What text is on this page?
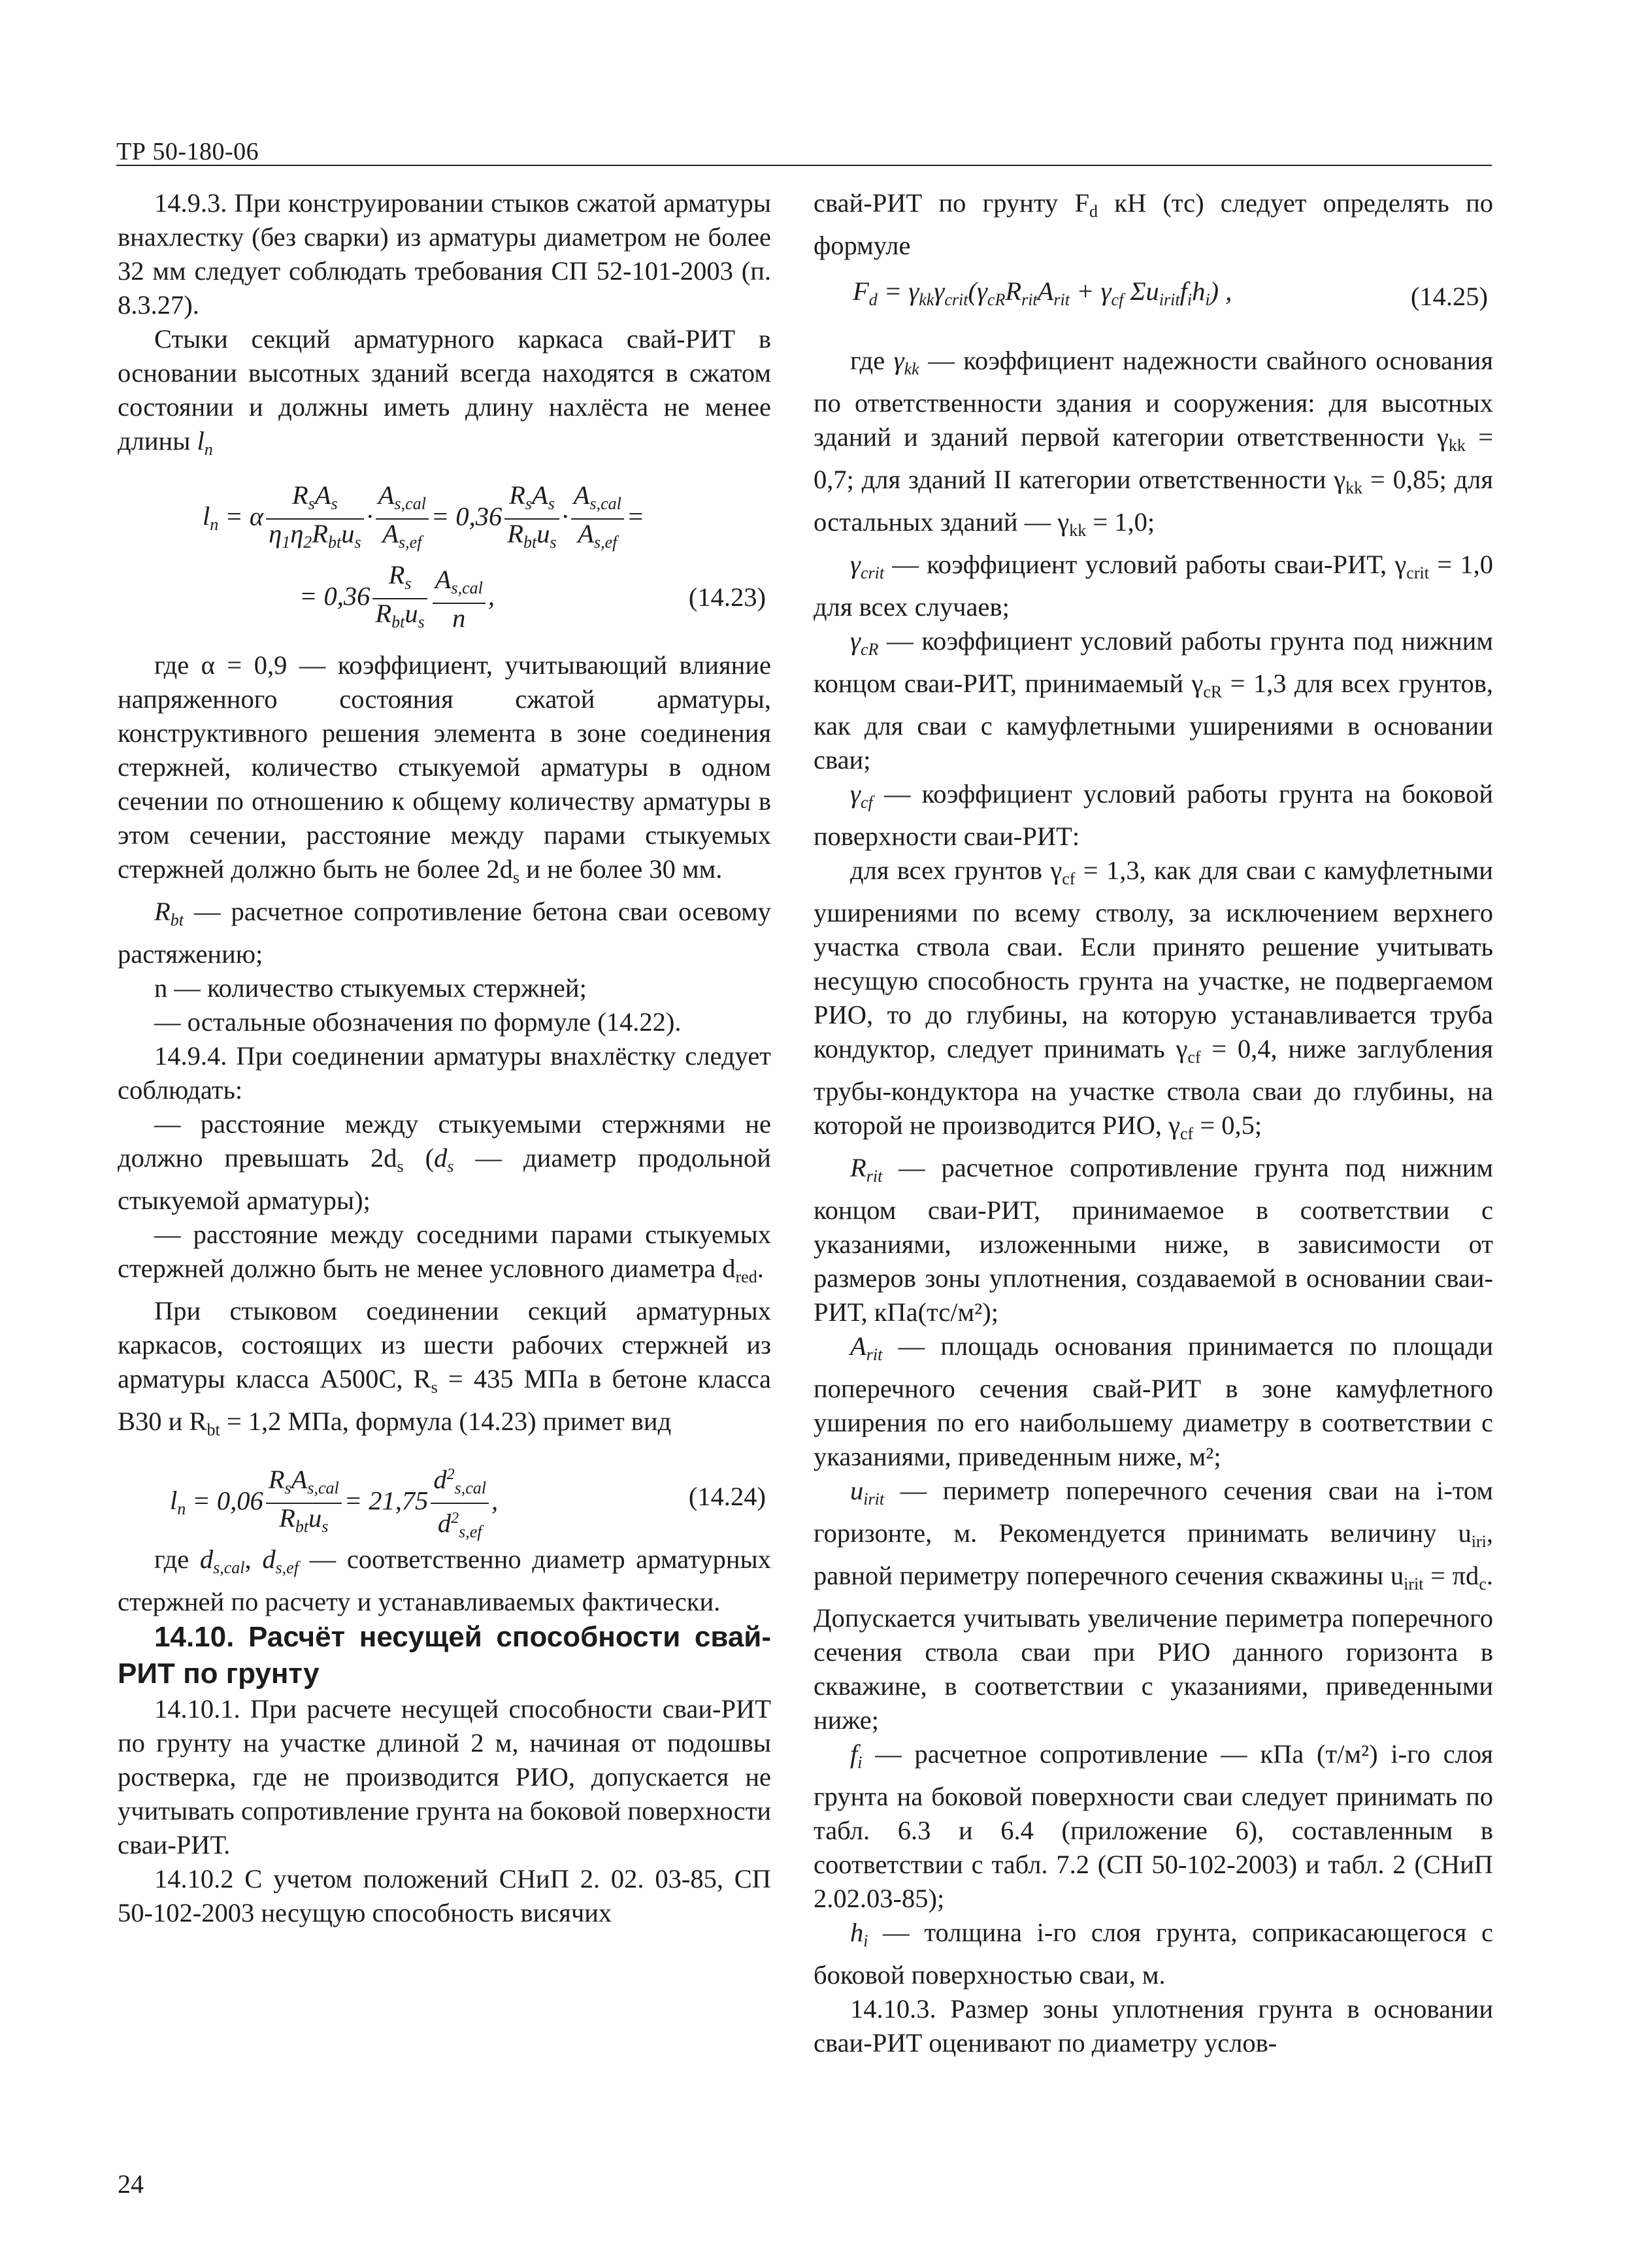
ТР 50-180-06

14.9.3. При конструировании стыков сжатой арматуры внахлестку (без сварки) из арматуры диаметром не более 32 мм следует соблюдать требования СП 52-101-2003 (п. 8.3.27).

Стыки секций арматурного каркаса свай-РИТ в основании высотных зданий всегда находятся в сжатом состоянии и должны иметь длину нахлёста не менее длины $l_n$

$l_n = \alpha \frac{R_sA_s}{\eta_1\eta_2R_{bt}u_s} \cdot \frac{A_{s,cal}}{A_{s,ef}} = 0,36 \frac{R_sA_s}{R_{bt}u_s} \cdot \frac{A_{s,cal}}{A_{s,ef}}$ =
= $0,36 \frac{R_s}{R_{bt}u_s} \frac{A_{s,cal}}{n}$ ,	(14.23)

где α = 0,9 — коэффициент, учитывающий влияние напряженного состояния сжатой арматуры, конструктивного решения элемента в зоне соединения стержней, количество стыкуемой арматуры в одном сечении по отношению к общему количеству арматуры в этом сечении, расстояние между парами стыкуемых стержней должно быть не более $2d_s$ и не более 30 мм.

$R_{bt}$ — расчетное сопротивление бетона сваи осевому растяжению;

n — количество стыкуемых стержней;

— остальные обозначения по формуле (14.22).

14.9.4. При соединении арматуры внахлёстку следует соблюдать:

— расстояние между стыкуемыми стержнями не должно превышать $2d_s$ ($d_s$ — диаметр продольной стыкуемой арматуры);

— расстояние между соседними парами стыкуемых стержней должно быть не менее условного диаметра $d_{red}$.

При стыковом соединении секций арматурных каркасов, состоящих из шести рабочих стержней из арматуры класса А500С, $R_s = 435$ МПа в бетоне класса В30 и $R_{bt} = 1,2$ МПа, формула (14.23) примет вид

$l_n = 0,06 \frac{R_sA_{s,cal}}{R_{bt}u_s} = 21,75 \frac{d^2_{s,cal}}{d^2_{s,ef}}$ ,	(14.24)

где $d_{s,cal}$, $d_{s,ef}$ — соответственно диаметр арматурных стержней по расчету и устанавливаемых фактически.

14.10. Расчёт несущей способности свай-РИТ по грунту

14.10.1. При расчете несущей способности сваи-РИТ по грунту на участке длиной 2 м, начиная от подошвы ростверка, где не производится РИО, допускается не учитывать сопротивление грунта на боковой поверхности сваи-РИТ.

14.10.2 С учетом положений СНиП 2. 02. 03-85, СП 50-102-2003 несущую способность висячих

свай-РИТ по грунту $F_d$ кН (тс) следует определять по формуле

$F_d = \gamma_{kk}\gamma_{crit}(\gamma_{cR}R_{rit}A_{rit} + \gamma_{cf}$ $\Sigma u_{irit}f_ih_i$) ,	(14.25)

где $\gamma_{kk}$ — коэффициент надежности свайного основания по ответственности здания и сооружения: для высотных зданий и зданий первой категории ответственности $\gamma_{kk} = 0,7$; для зданий II категории ответственности $\gamma_{kk} = 0,85$; для остальных зданий — $\gamma_{kk} = 1,0$;

$\gamma_{crit}$ — коэффициент условий работы сваи-РИТ, $\gamma_{crit} = 1,0$ для всех случаев;

$\gamma_{cR}$ — коэффициент условий работы грунта под нижним концом сваи-РИТ, принимаемый $\gamma_{cR} = 1,3$ для всех грунтов, как для сваи с камуфлетными уширениями в основании сваи;

$\gamma_{cf}$ — коэффициент условий работы грунта на боковой поверхности сваи-РИТ:

для всех грунтов $\gamma_{cf} = 1,3$, как для сваи с камуфлетными уширениями по всему стволу, за исключением верхнего участка ствола сваи. Если принято решение учитывать несущую способность грунта на участке, не подвергаемом РИО, то до глубины, на которую устанавливается труба кондуктор, следует принимать $\gamma_{cf} = 0,4$, ниже заглубления трубы-кондуктора на участке ствола сваи до глубины, на которой не производится РИО, $\gamma_{cf} = 0,5$;

$R_{rit}$ — расчетное сопротивление грунта под нижним концом сваи-РИТ, принимаемое в соответствии с указаниями, изложенными ниже, в зависимости от размеров зоны уплотнения, создаваемой в основании сваи-РИТ, кПа(тс/м²);

$A_{rit}$ — площадь основания принимается по площади поперечного сечения свай-РИТ в зоне камуфлетного уширения по его наибольшему диаметру в соответствии с указаниями, приведенным ниже, м²;

$u_{irit}$ — периметр поперечного сечения сваи на i-том горизонте, м. Рекомендуется принимать величину $u_{iri}$, равной периметру поперечного сечения скважины $u_{irit} = \pi d_c$. Допускается учитывать увеличение периметра поперечного сечения ствола сваи при РИО данного горизонта в скважине, в соответствии с указаниями, приведенными ниже;

$f_i$ — расчетное сопротивление — кПа (т/м²) i-го слоя грунта на боковой поверхности сваи следует принимать по табл. 6.3 и 6.4 (приложение 6), составленным в соответствии с табл. 7.2 (СП 50-102-2003) и табл. 2 (СНиП 2.02.03-85);

$h_i$ — толщина i-го слоя грунта, соприкасающегося с боковой поверхностью сваи, м.

14.10.3. Размер зоны уплотнения грунта в основании сваи-РИТ оценивают по диаметру услов-

24
